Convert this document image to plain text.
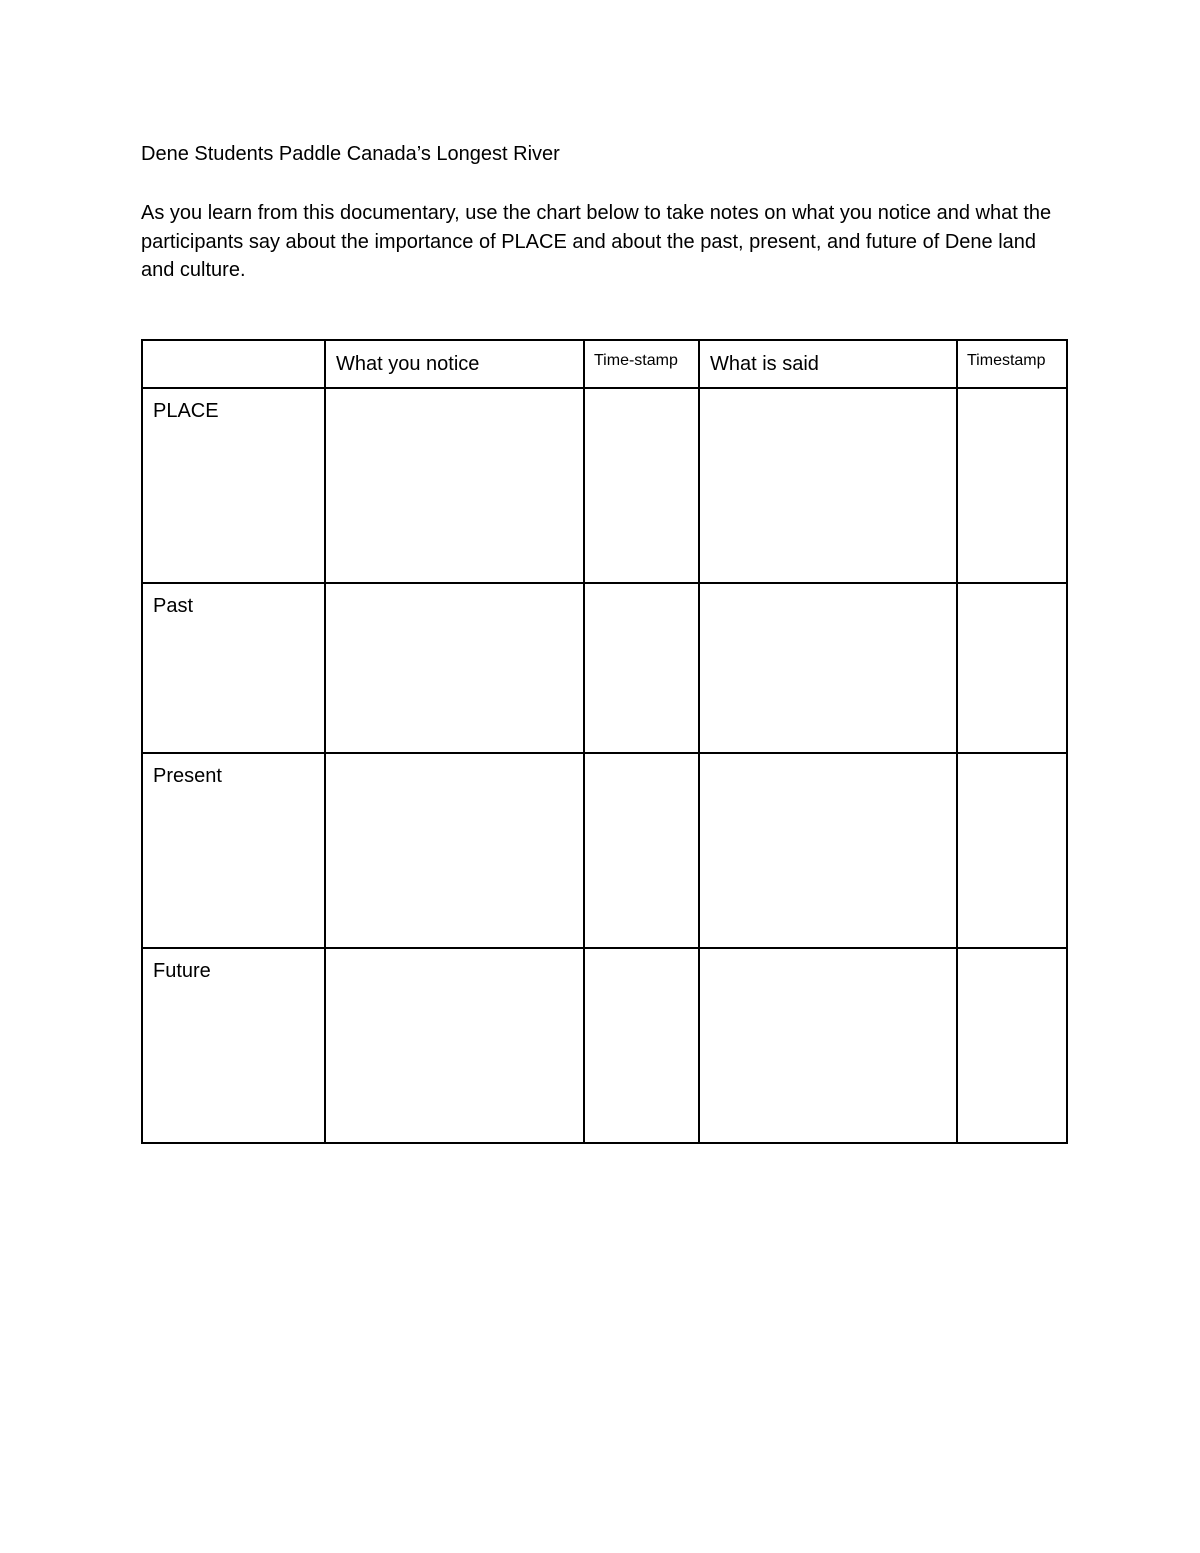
Dene Students Paddle Canada’s Longest River

As you learn from this documentary, use the chart below to take notes on what you notice and what the participants say about the importance of PLACE and about the past, present, and future of Dene land and culture.

	What you notice	Time-stamp	What is said	Timestamp
PLACE				
Past				
Present				
Future				
